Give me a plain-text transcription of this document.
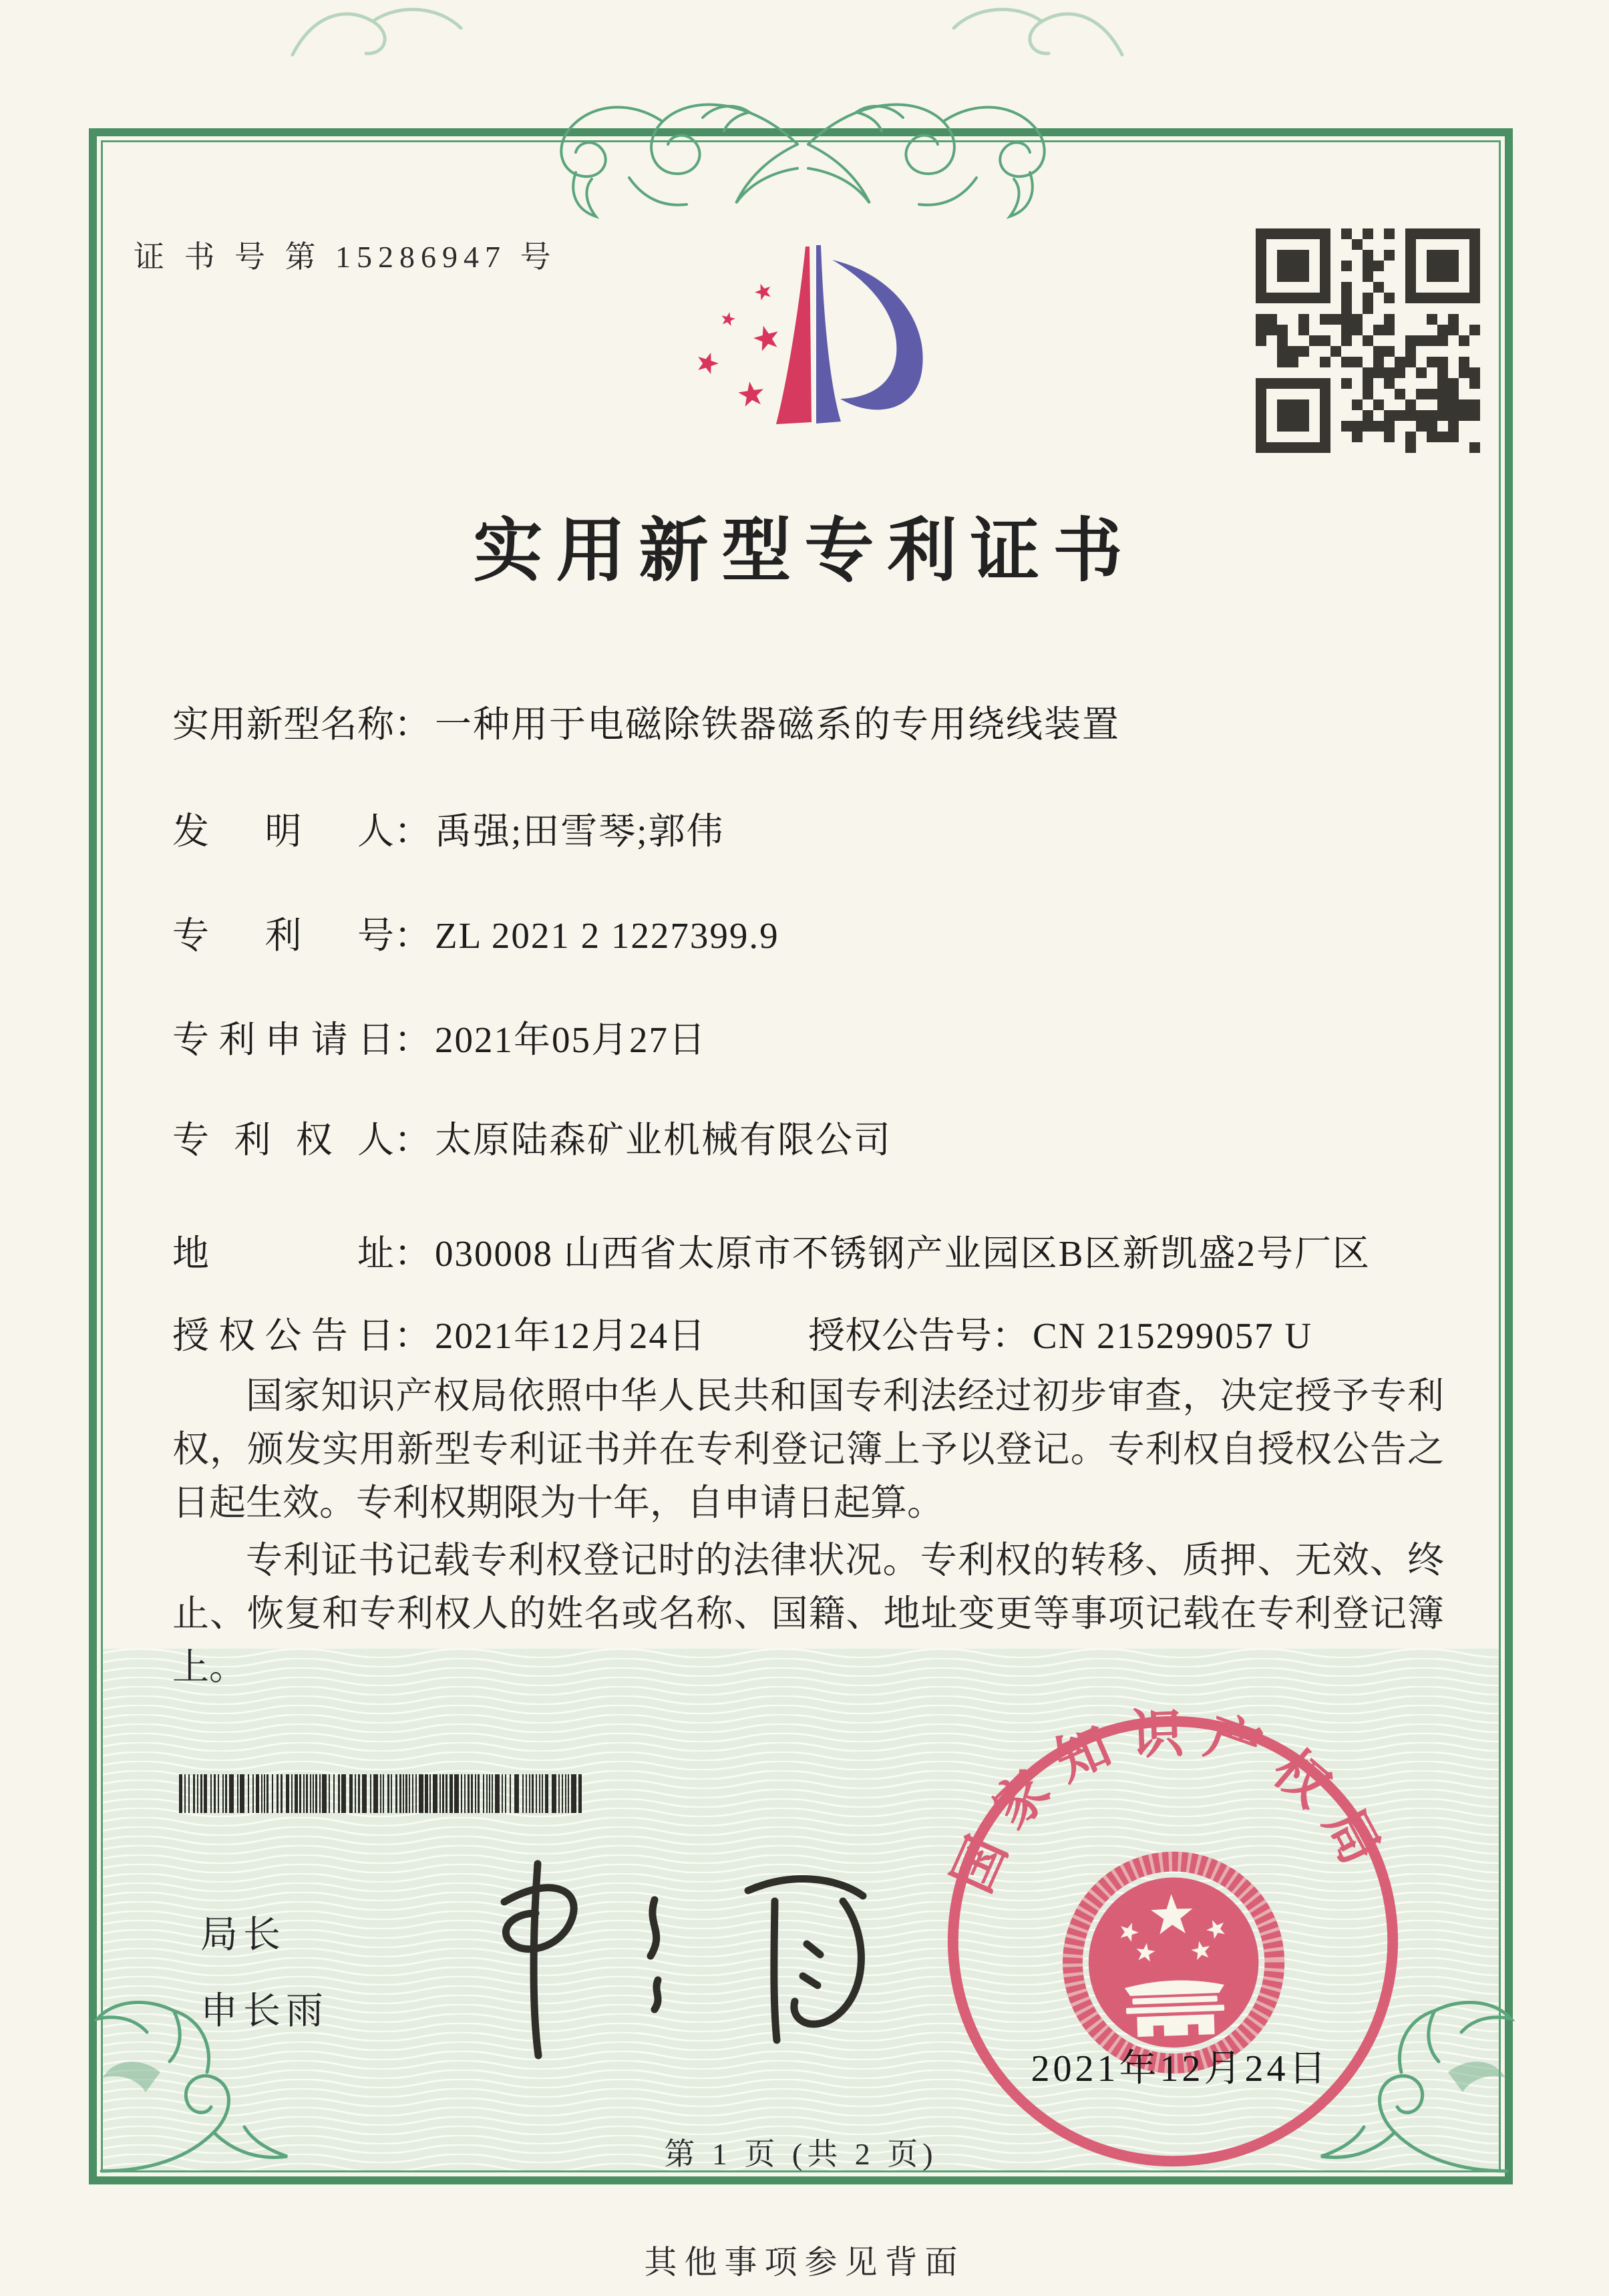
证 书 号 第 15286947 号
实用新型专利证书
实用新型名称： 一种用于电磁除铁器磁系的专用绕线装置
发明人： 禹强;田雪琴;郭伟
专利号： ZL 2021 2 1227399.9
专利申请日： 2021年05月27日
专利权人： 太原陆森矿业机械有限公司
地址： 030008 山西省太原市不锈钢产业园区B区新凯盛2号厂区
授权公告日： 2021年12月24日	授权公告号： CN 215299057 U

国家知识产权局依照中华人民共和国专利法经过初步审查，决定授予专利权，颁发实用新型专利证书并在专利登记簿上予以登记。专利权自授权公告之日起生效。专利权期限为十年，自申请日起算。

专利证书记载专利权登记时的法律状况。专利权的转移、质押、无效、终止、恢复和专利权人的姓名或名称、国籍、地址变更等事项记载在专利登记簿上。

局长
申长雨
国家知识产权局
2021年12月24日
第 1 页 (共 2 页)
其他事项参见背面
